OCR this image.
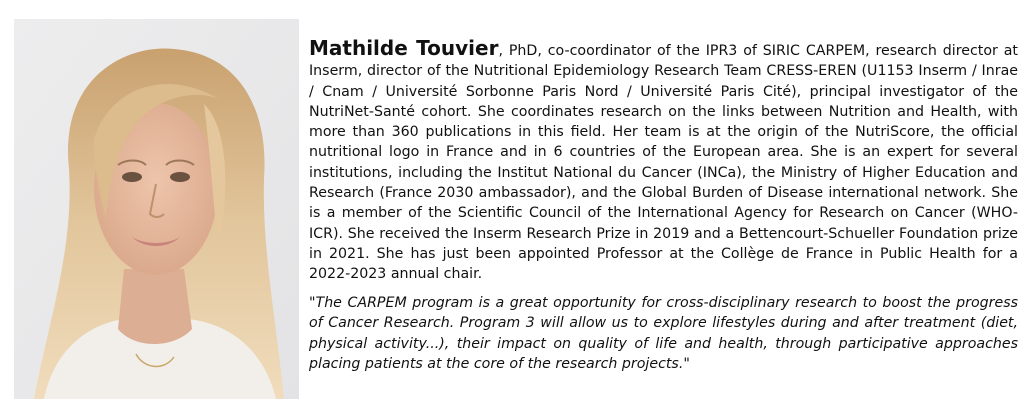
Mathilde Touvier, PhD, co-coordinator of the IPR3 of SIRIC CARPEM, research director at Inserm, director of the Nutritional Epidemiology Research Team CRESS-EREN (U1153 Inserm / Inrae / Cnam / Université Sorbonne Paris Nord / Université Paris Cité), principal investigator of the NutriNet-Santé cohort. She coordinates research on the links between Nutrition and Health, with more than 360 publications in this field. Her team is at the origin of the NutriScore, the official nutritional logo in France and in 6 countries of the European area. She is an expert for several institutions, including the Institut National du Cancer (INCa), the Ministry of Higher Education and Research (France 2030 ambassador), and the Global Burden of Disease international network. She is a member of the Scientific Council of the International Agency for Research on Cancer (WHO-ICR). She received the Inserm Research Prize in 2019 and a Bettencourt-Schueller Foundation prize in 2021. She has just been appointed Professor at the Collège de France in Public Health for a 2022-2023 annual chair.

"The CARPEM program is a great opportunity for cross-disciplinary research to boost the progress of Cancer Research. Program 3 will allow us to explore lifestyles during and after treatment (diet, physical activity...), their impact on quality of life and health, through participative approaches placing patients at the core of the research projects."
